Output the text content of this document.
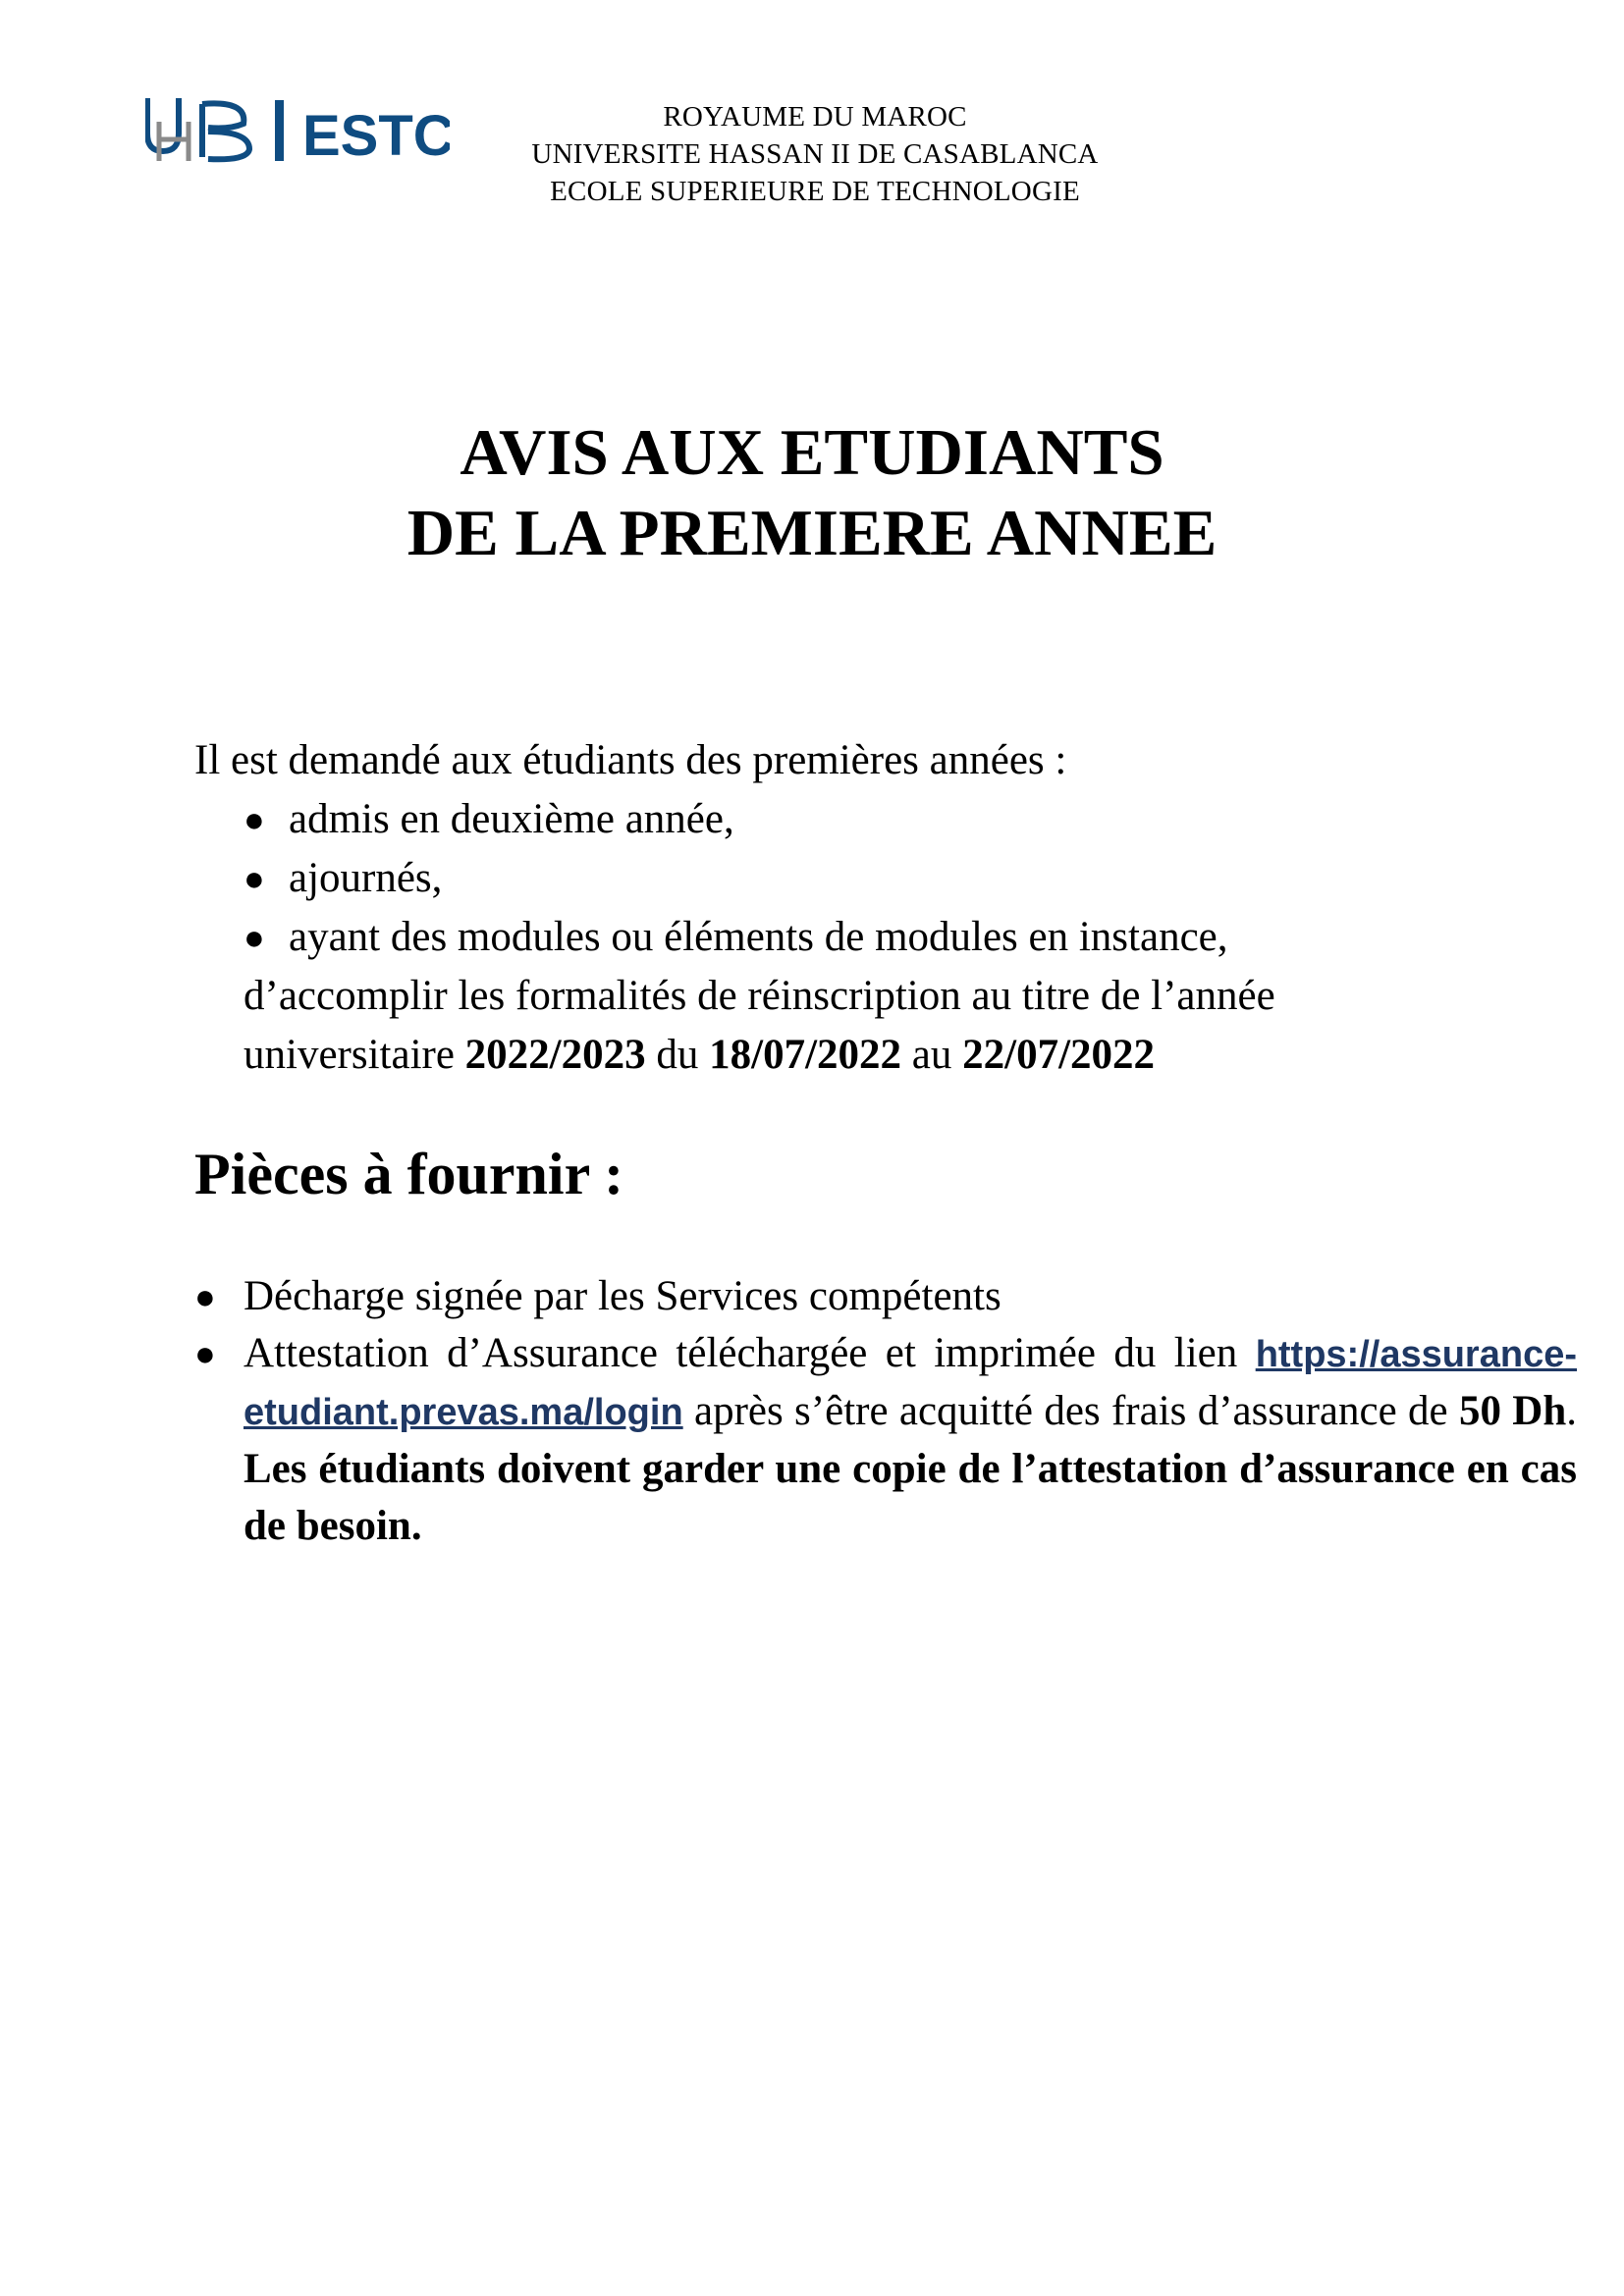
ESTC	ROYAUME DU MAROC
UNIVERSITE HASSAN II DE CASABLANCA
ECOLE SUPERIEURE DE TECHNOLOGIE
AVIS AUX ETUDIANTS
DE LA PREMIERE ANNEE
Il est demandé aux étudiants des premières années :
● admis en deuxième année,
● ajournés,
● ayant des modules ou éléments de modules en instance,
d’accomplir les formalités de réinscription au titre de l’année
universitaire 2022/2023 du 18/07/2022 au 22/07/2022
Pièces à fournir :
● Décharge signée par les Services compétents
● Attestation d’Assurance téléchargée et imprimée du lien https://assurance-etudiant.prevas.ma/login après s’être acquitté des frais d’assurance de 50 Dh. Les étudiants doivent garder une copie de l’attestation d’assurance en cas de besoin.
